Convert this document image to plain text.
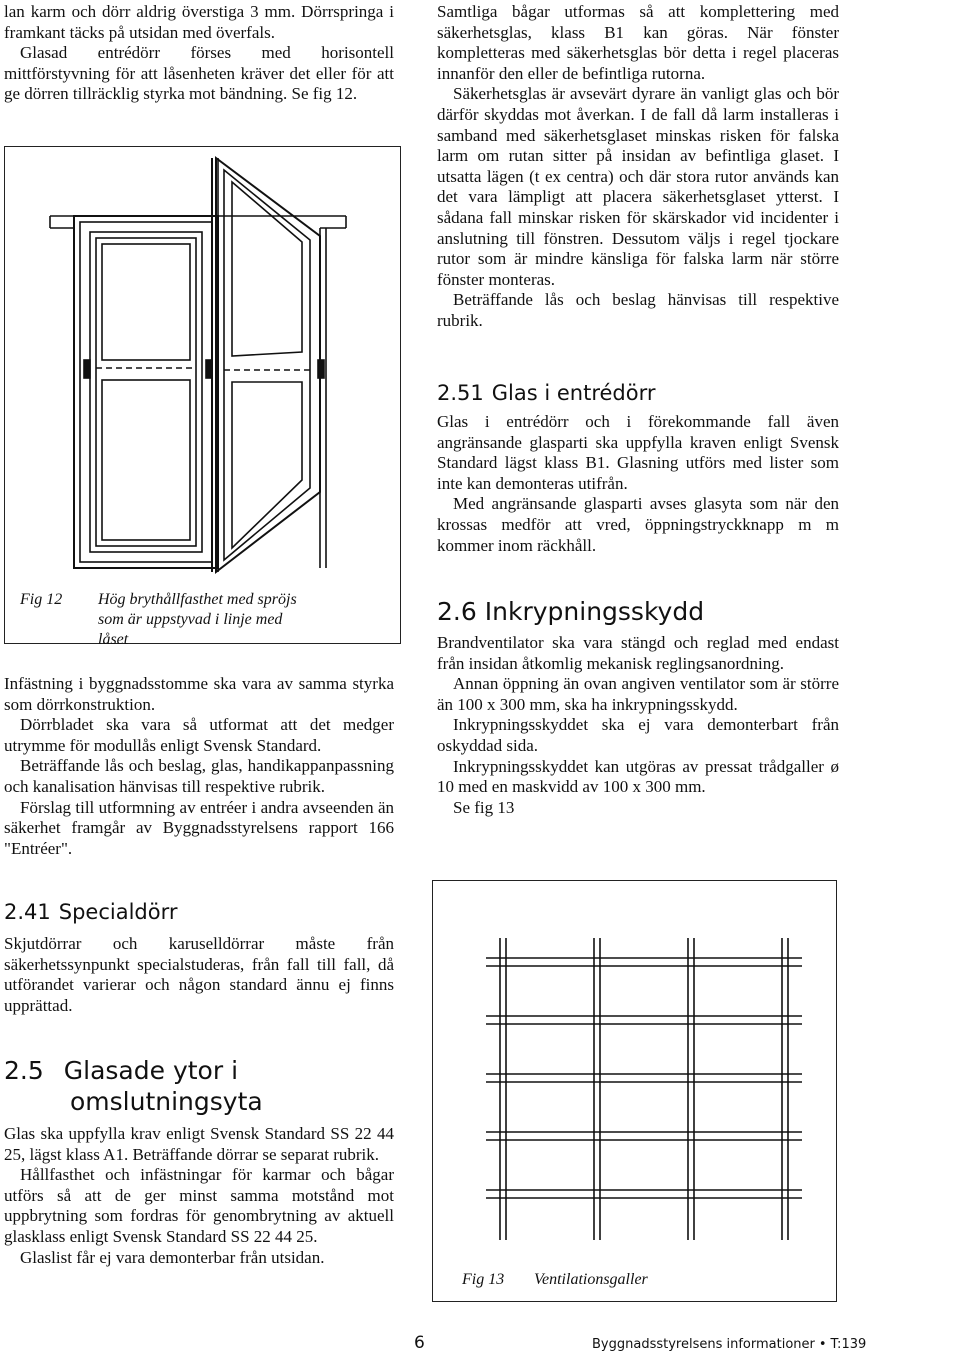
lan karm och dörr aldrig överstiga 3 mm. Dörrspringa i framkant täcks på utsidan med överfals.

Glasad entrédörr förses med horisontell mittförstyvning för att låsenheten kräver det eller för att ge dörren tillräcklig styrka mot bändning. Se fig 12.

Fig 12 Hög brythållfasthet med spröjs som är uppstyvad i linje med låset

Infästning i byggnadsstomme ska vara av samma styrka som dörrkonstruktion.

Dörrbladet ska vara så utformat att det medger utrymme för modullås enligt Svensk Standard.

Beträffande lås och beslag, glas, handikappanpassning och kanalisation hänvisas till respektive rubrik.

Förslag till utformning av entréer i andra avseenden än säkerhet framgår av Byggnadsstyrelsens rapport 166 "Entréer".

2.41 Specialdörr

Skjutdörrar och karuselldörrar måste från säkerhetssynpunkt specialstuderas, från fall till fall, då utförandet varierar och någon standard ännu ej finns upprättad.

2.5 Glasade ytor i
omslutningsyta

Glas ska uppfylla krav enligt Svensk Standard SS 22 44 25, lägst klass A1. Beträffande dörrar se separat rubrik.

Hållfasthet och infästningar för karmar och bågar utförs så att de ger minst samma motstånd mot uppbrytning som fordras för genombrytning av aktuell glasklass enligt Svensk Standard SS 22 44 25.

Glaslist får ej vara demonterbar från utsidan.

Samtliga bågar utformas så att komplettering med säkerhetsglas, klass B1 kan göras. När fönster kompletteras med säkerhetsglas bör detta i regel placeras innanför den eller de befintliga rutorna.

Säkerhetsglas är avsevärt dyrare än vanligt glas och bör därför skyddas mot åverkan. I de fall då larm installeras i samband med säkerhetsglaset minskas risken för falska larm om rutan sitter på insidan av befintliga glaset. I utsatta lägen (t ex centra) och där stora rutor används kan det vara lämpligt att placera säkerhetsglaset ytterst. I sådana fall minskar risken för skärskador vid incidenter i anslutning till fönstren. Dessutom väljs i regel tjockare rutor som är mindre känsliga för falska larm när större fönster monteras.

Beträffande lås och beslag hänvisas till respektive rubrik.

2.51 Glas i entrédörr

Glas i entrédörr och i förekommande fall även angränsande glasparti ska uppfylla kraven enligt Svensk Standard lägst klass B1. Glasning utförs med lister som inte kan demonteras utifrån.

Med angränsande glasparti avses glasyta som när den krossas medför att vred, öppningstryckknapp m m kommer inom räckhåll.

2.6 Inkrypningsskydd

Brandventilator ska vara stängd och reglad med endast från insidan åtkomlig mekanisk reglingsanordning.

Annan öppning än ovan angiven ventilator som är större än 100 x 300 mm, ska ha inkrypningsskydd.

Inkrypningsskyddet ska ej vara demonterbart från oskyddad sida.

Inkrypningsskyddet kan utgöras av pressat trådgaller ø 10 med en maskvidd av 100 x 300 mm.

Se fig 13

Fig 13 Ventilationsgaller
6	Byggnadsstyrelsens informationer • T:139
